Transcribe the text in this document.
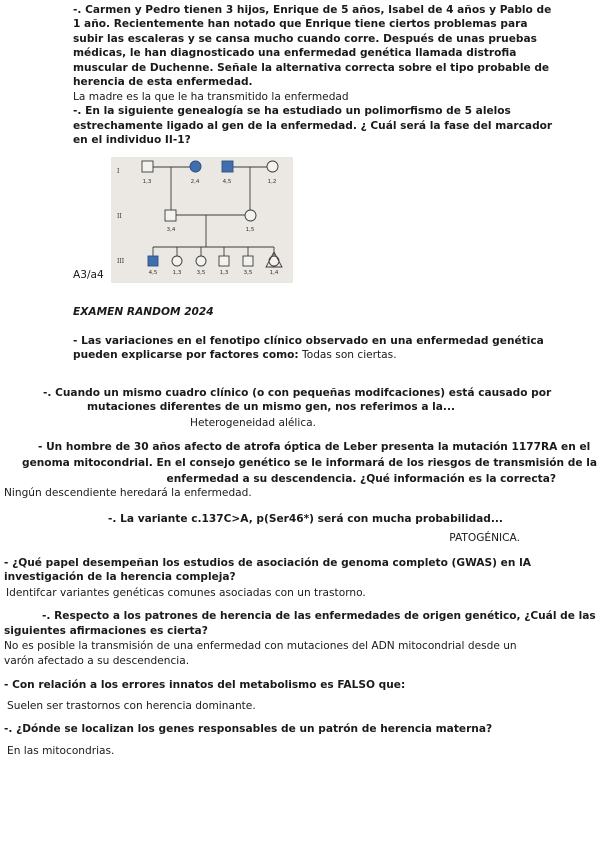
-. Carmen y Pedro tienen 3 hijos, Enrique de 5 años, Isabel de 4 años y Pablo de
1 año. Recientemente han notado que Enrique tiene ciertos problemas para
subir las escaleras y se cansa mucho cuando corre. Después de unas pruebas
médicas, le han diagnosticado una enfermedad genética llamada distrofia
muscular de Duchenne. Señale la alternativa correcta sobre el tipo probable de
herencia de esta enfermedad.
La madre es la que le ha transmitido la enfermedad
-. En la siguiente genealogía se ha estudiado un polimorfismo de 5 alelos
estrechamente ligado al gen de la enfermedad. ¿ Cuál será la fase del marcador
en el individuo II-1?
I
II
III
1,3	2,4	4,5	1,2
3,4	1,5
4,5	1,3	3,5	1,3	3,5	1,4
A3/a4
EXAMEN RANDOM 2024
- Las variaciones en el fenotipo clínico observado en una enfermedad genética
pueden explicarse por factores como: Todas son ciertas.
-. Cuando un mismo cuadro clínico (o con pequeñas modifcaciones) está causado por
mutaciones diferentes de un mismo gen, nos referimos a la...
Heterogeneidad alélica.
- Un hombre de 30 años afecto de atrofa óptica de Leber presenta la mutación 1177RA en el
genoma mitocondrial. En el consejo genético se le informará de los riesgos de transmisión de la
enfermedad a su descendencia. ¿Qué información es la correcta?
Ningún descendiente heredará la enfermedad.
-. La variante c.137C>A, p(Ser46*) será con mucha probabilidad...
PATOGÉNICA.
- ¿Qué papel desempeñan los estudios de asociación de genoma completo (GWAS) en lA
investigación de la herencia compleja?
Identifcar variantes genéticas comunes asociadas con un trastorno.
-. Respecto a los patrones de herencia de las enfermedades de origen genético, ¿Cuál de las
siguientes afirmaciones es cierta?
No es posible la transmisión de una enfermedad con mutaciones del ADN mitocondrial desde un
varón afectado a su descendencia.
- Con relación a los errores innatos del metabolismo es FALSO que:
Suelen ser trastornos con herencia dominante.
-. ¿Dónde se localizan los genes responsables de un patrón de herencia materna?
En las mitocondrias.
